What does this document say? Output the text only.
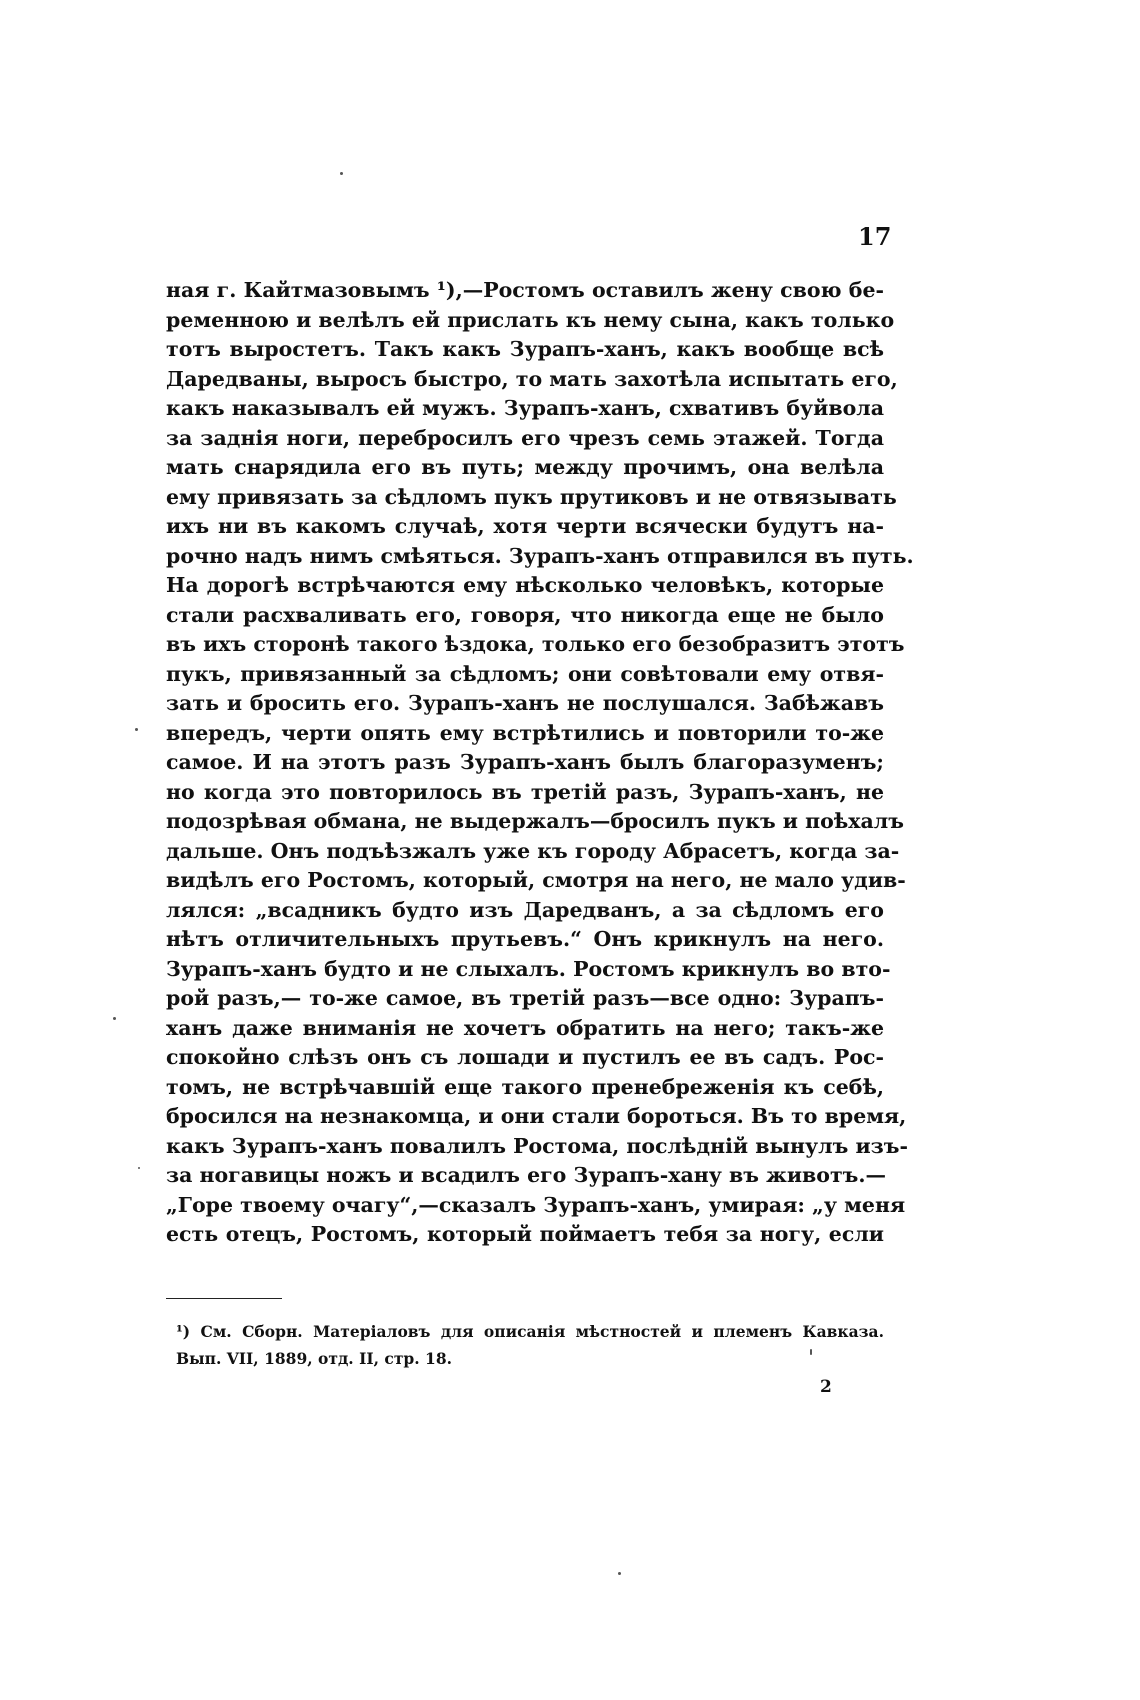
17
ная г. Кайтмазовымъ ¹),—Ростомъ оставилъ жену свою бе-
ременною и велѣлъ ей прислать къ нему сына, какъ только
тотъ выростетъ. Такъ какъ Зурапъ-ханъ, какъ вообще всѣ
Даредваны, выросъ быстро, то мать захотѣла испытать его,
какъ наказывалъ ей мужъ. Зурапъ-ханъ, схвативъ буйвола
за заднія ноги, перебросилъ его чрезъ семь этажей. Тогда
мать снарядила его въ путь; между прочимъ, она велѣла
ему привязать за сѣдломъ пукъ прутиковъ и не отвязывать
ихъ ни въ какомъ случаѣ, хотя черти всячески будутъ на-
рочно надъ нимъ смѣяться. Зурапъ-ханъ отправился въ путь.
На дорогѣ встрѣчаются ему нѣсколько человѣкъ, которые
стали расхваливать его, говоря, что никогда еще не было
въ ихъ сторонѣ такого ѣздока, только его безобразитъ этотъ
пукъ, привязанный за сѣдломъ; они совѣтовали ему отвя-
зать и бросить его. Зурапъ-ханъ не послушался. Забѣжавъ
впередъ, черти опять ему встрѣтились и повторили то-же
самое. И на этотъ разъ Зурапъ-ханъ былъ благоразуменъ;
но когда это повторилось въ третій разъ, Зурапъ-ханъ, не
подозрѣвая обмана, не выдержалъ—бросилъ пукъ и поѣхалъ
дальше. Онъ подъѣзжалъ уже къ городу Абрасетъ, когда за-
видѣлъ его Ростомъ, который, смотря на него, не мало удив-
лялся: „всадникъ будто изъ Даредванъ, а за сѣдломъ его
нѣтъ отличительныхъ прутьевъ.“ Онъ крикнулъ на него.
Зурапъ-ханъ будто и не слыхалъ. Ростомъ крикнулъ во вто-
рой разъ,— то-же самое, въ третій разъ—все одно: Зурапъ-
ханъ даже вниманія не хочетъ обратить на него; такъ-же
спокойно слѣзъ онъ съ лошади и пустилъ ее въ садъ. Рос-
томъ, не встрѣчавшій еще такого пренебреженія къ себѣ,
бросился на незнакомца, и они стали бороться. Въ то время,
какъ Зурапъ-ханъ повалилъ Ростома, послѣдній вынулъ изъ-
за ногавицы ножъ и всадилъ его Зурапъ-хану въ животъ.—
„Горе твоему очагу“,—сказалъ Зурапъ-ханъ, умирая: „у меня
есть отецъ, Ростомъ, который поймаетъ тебя за ногу, если
¹) См. Сборн. Матеріаловъ для описанія мѣстностей и племенъ Кавказа.
Вып. VII, 1889, отд. II, стр. 18.
2
